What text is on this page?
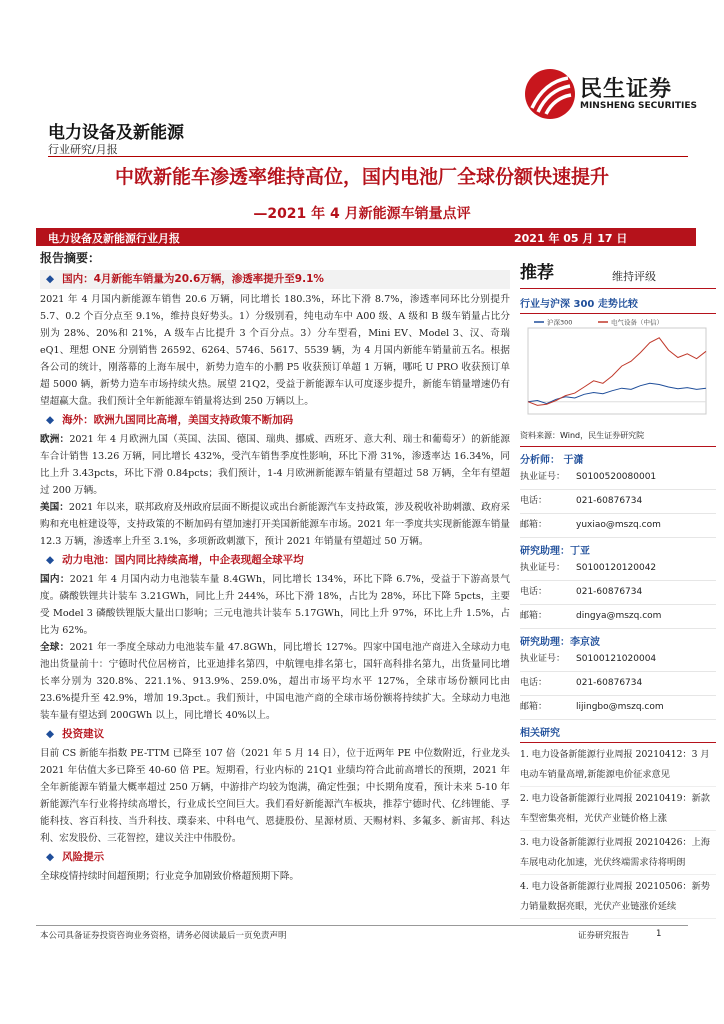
民生证券
MINSHENG SECURITIES
电力设备及新能源
行业研究/月报
中欧新能车渗透率维持高位，国内电池厂全球份额快速提升
—2021 年 4 月新能源车销量点评
电力设备及新能源行业月报	2021 年 05 月 17 日
报告摘要：
◆ 国内：4月新能车销量为20.6万辆，渗透率提升至9.1%

2021 年 4 月国内新能源车销售 20.6 万辆，同比增长 180.3%，环比下滑 8.7%，渗透率同环比分别提升 5.7、0.2 个百分点至 9.1%，维持良好势头。1）分级别看，纯电动车中 A00 级、A 级和 B 级车销量占比分别为 28%、20%和 21%，A 级车占比提升 3 个百分点。3）分车型看，Mini EV、Model 3、汉、奇瑞 eQ1、理想 ONE 分别销售 26592、6264、5746、5617、5539 辆，为 4 月国内新能车销量前五名。根据各公司的统计，刚落幕的上海车展中，新势力造车的小鹏 P5 收获预订单超 1 万辆，哪吒 U PRO 收获预订单超 5000 辆，新势力造车市场持续火热。展望 21Q2，受益于新能源车认可度逐步提升，新能车销量增速仍有望超赢大盘。我们预计全年新能源车销量将达到 250 万辆以上。

◆ 海外：欧洲九国同比高增，美国支持政策不断加码

欧洲：2021 年 4 月欧洲九国（英国、法国、德国、瑞典、挪威、西班牙、意大利、瑞士和葡萄牙）的新能源车合计销售 13.26 万辆，同比增长 432%，受汽车销售季度性影响，环比下滑 31%，渗透率达 16.34%，同比上升 3.43pcts，环比下滑 0.84pcts；我们预计，1-4 月欧洲新能源车销量有望超过 58 万辆，全年有望超过 200 万辆。

美国：2021 年以来，联邦政府及州政府层面不断提议或出台新能源汽车支持政策，涉及税收补助刺激、政府采购和充电桩建设等，支持政策的不断加码有望加速打开美国新能源车市场。2021 年一季度共实现新能源车销量 12.3 万辆，渗透率上升至 3.1%，多项新政刺激下，预计 2021 年销量有望超过 50 万辆。

◆ 动力电池：国内同比持续高增，中企表现超全球平均

国内：2021 年 4 月国内动力电池装车量 8.4GWh，同比增长 134%，环比下降 6.7%，受益于下游高景气度。磷酸铁锂共计装车 3.21GWh，同比上升 244%，环比下滑 18%，占比为 28%，环比下降 5pcts，主要受 Model 3 磷酸铁锂版大量出口影响；三元电池共计装车 5.17GWh，同比上升 97%，环比上升 1.5%，占比为 62%。

全球：2021 年一季度全球动力电池装车量 47.8GWh，同比增长 127%。四家中国电池产商进入全球动力电池出货量前十：宁德时代位居榜首，比亚迪排名第四，中航锂电排名第七，国轩高科排名第九，出货量同比增长率分别为 320.8%、221.1%、913.9%、259.0%，超出市场平均水平 127%，全球市场份额同比由 23.6%提升至 42.9%，增加 19.3pct.。我们预计，中国电池产商的全球市场份额将持续扩大。全球动力电池装车量有望达到 200GWh 以上，同比增长 40%以上。

◆ 投资建议

目前 CS 新能车指数 PE-TTM 已降至 107 倍（2021 年 5 月 14 日），位于近两年 PE 中位数附近，行业龙头 2021 年估值大多已降至 40-60 倍 PE。短期看，行业内标的 21Q1 业绩均符合此前高增长的预期，2021 年全年新能源车销量大概率超过 250 万辆，中游排产均较为饱满，确定性强；中长期角度看，预计未来 5-10 年新能源汽车行业将持续高增长，行业成长空间巨大。我们看好新能源汽车板块，推荐宁德时代、亿纬锂能、孚能科技、容百科技、当升科技、璞泰来、中科电气、恩捷股份、星源材质、天赐材料、多氟多、新宙邦、科达利、宏发股份、三花智控，建议关注中伟股份。

◆ 风险提示

全球疫情持续时间超预期；行业竞争加剧致价格超预期下降。

推荐	维持评级
行业与沪深 300 走势比较
沪深300	电气设备（中信）
资料来源：Wind，民生证券研究院
分析师： 于潇
执业证号： S0100520080001
电话：	021-60876734
邮箱：	yuxiao@mszq.com
研究助理：丁亚
执业证号： S0100120120042
电话：	021-60876734
邮箱：	dingya@mszq.com
研究助理：李京波
执业证号： S0100121020004
电话：	021-60876734
邮箱：	lijingbo@mszq.com
相关研究
1. 电力设备新能源行业周报 20210412：3 月电动车销量高增,新能源电价征求意见
2. 电力设备新能源行业周报 20210419：新款车型密集亮相，光伏产业链价格上涨
3. 电力设备新能源行业周报 20210426：上海车展电动化加速，光伏终端需求待将明朗
4. 电力设备新能源行业周报 20210506：新势力销量数据亮眼，光伏产业链涨价延续
本公司具备证券投资咨询业务资格，请务必阅读最后一页免责声明	证券研究报告	1
